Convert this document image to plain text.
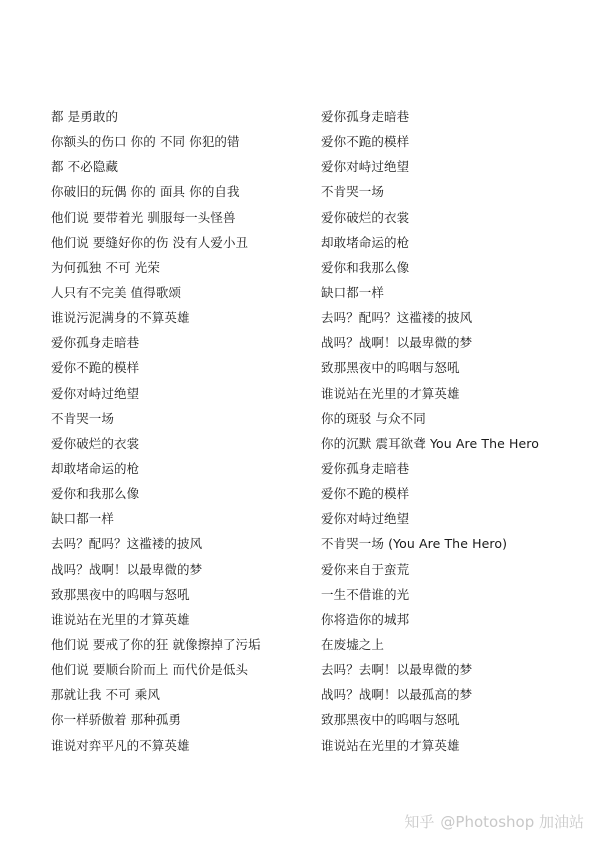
都 是勇敢的
你额头的伤口 你的 不同 你犯的错
都 不必隐藏
你破旧的玩偶 你的 面具 你的自我
他们说 要带着光 驯服每一头怪兽
他们说 要缝好你的伤 没有人爱小丑
为何孤独 不可 光荣
人只有不完美 值得歌颂
谁说污泥满身的不算英雄
爱你孤身走暗巷
爱你不跪的模样
爱你对峙过绝望
不肯哭一场
爱你破烂的衣裳
却敢堵命运的枪
爱你和我那么像
缺口都一样
去吗？配吗？这褴褛的披风
战吗？战啊！以最卑微的梦
致那黑夜中的呜咽与怒吼
谁说站在光里的才算英雄
他们说 要戒了你的狂 就像擦掉了污垢
他们说 要顺台阶而上 而代价是低头
那就让我 不可 乘风
你一样骄傲着 那种孤勇
谁说对弈平凡的不算英雄
爱你孤身走暗巷
爱你不跪的模样
爱你对峙过绝望
不肯哭一场
爱你破烂的衣裳
却敢堵命运的枪
爱你和我那么像
缺口都一样
去吗？配吗？这褴褛的披风
战吗？战啊！以最卑微的梦
致那黑夜中的呜咽与怒吼
谁说站在光里的才算英雄
你的斑驳 与众不同
你的沉默 震耳欲聋 You Are The Hero
爱你孤身走暗巷
爱你不跪的模样
爱你对峙过绝望
不肯哭一场 (You Are The Hero)
爱你来自于蛮荒
一生不借谁的光
你将造你的城邦
在废墟之上
去吗？去啊！以最卑微的梦
战吗？战啊！以最孤高的梦
致那黑夜中的呜咽与怒吼
谁说站在光里的才算英雄
知乎 @Photoshop 加油站
